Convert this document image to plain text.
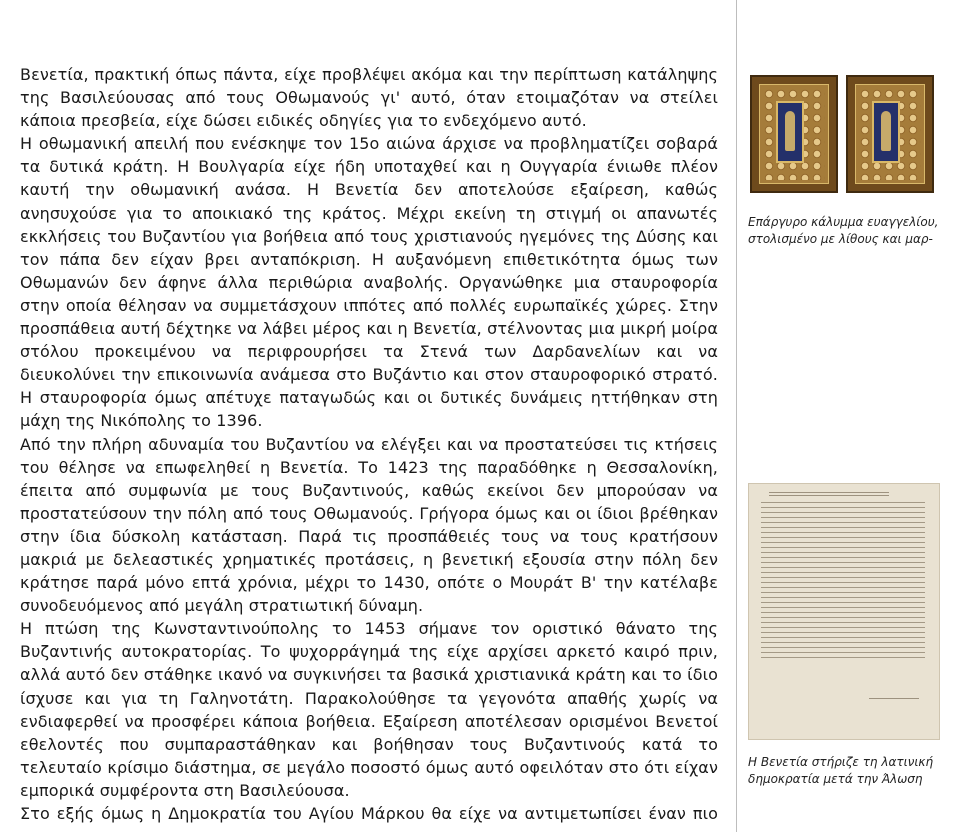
Βενετία, πρακτική όπως πάντα, είχε προβλέψει ακόμα και την περίπτωση κατάληψης της Βασιλεύουσας από τους Οθωμανούς γι' αυτό, όταν ετοιμαζόταν να στείλει κάποια πρεσβεία, είχε δώσει ειδικές οδηγίες για το ενδεχόμενο αυτό.

Η οθωμανική απειλή που ενέσκηψε τον 15ο αιώνα άρχισε να προβληματίζει σοβαρά τα δυτικά κράτη. Η Βουλγαρία είχε ήδη υποταχθεί και η Ουγγαρία ένιωθε πλέον καυτή την οθωμανική ανάσα. Η Βενετία δεν αποτελούσε εξαίρεση, καθώς ανησυχούσε για το αποικιακό της κράτος. Μέχρι εκείνη τη στιγμή οι απανωτές εκκλήσεις του Βυζαντίου για βοήθεια από τους χριστιανούς ηγεμόνες της Δύσης και τον πάπα δεν είχαν βρει ανταπόκριση. Η αυξανόμενη επιθετικότητα όμως των Οθωμανών δεν άφηνε άλλα περιθώρια αναβολής. Οργανώθηκε μια σταυροφορία στην οποία θέλησαν να συμμετάσχουν ιππότες από πολλές ευρωπαϊκές χώρες. Στην προσπάθεια αυτή δέχτηκε να λάβει μέρος και η Βενετία, στέλνοντας μια μικρή μοίρα στόλου προκειμένου να περιφρουρήσει τα Στενά των Δαρδανελίων και να διευκολύνει την επικοινωνία ανάμεσα στο Βυζάντιο και στον σταυροφορικό στρατό. Η σταυροφορία όμως απέτυχε παταγωδώς και οι δυτικές δυνάμεις ηττήθηκαν στη μάχη της Νικόπολης το 1396.

Από την πλήρη αδυναμία του Βυζαντίου να ελέγξει και να προστατεύσει τις κτήσεις του θέλησε να επωφεληθεί η Βενετία. Το 1423 της παραδόθηκε η Θεσσαλονίκη, έπειτα από συμφωνία με τους Βυζαντινούς, καθώς εκείνοι δεν μπορούσαν να προστατεύσουν την πόλη από τους Οθωμανούς. Γρήγορα όμως και οι ίδιοι βρέθηκαν στην ίδια δύσκολη κατάσταση. Παρά τις προσπάθειές τους να τους κρατήσουν μακριά με δελεαστικές χρηματικές προτάσεις, η βενετική εξουσία στην πόλη δεν κράτησε παρά μόνο επτά χρόνια, μέχρι το 1430, οπότε ο Μουράτ Β' την κατέλαβε συνοδευόμενος από μεγάλη στρατιωτική δύναμη.

Η πτώση της Κωνσταντινούπολης το 1453 σήμανε τον οριστικό θάνατο της Βυζαντινής αυτοκρατορίας. Το ψυχορράγημά της είχε αρχίσει αρκετό καιρό πριν, αλλά αυτό δεν στάθηκε ικανό να συγκινήσει τα βασικά χριστιανικά κράτη και το ίδιο ίσχυσε και για τη Γαληνοτάτη. Παρακολούθησε τα γεγονότα απαθής χωρίς να ενδιαφερθεί να προσφέρει κάποια βοήθεια. Εξαίρεση αποτέλεσαν ορισμένοι Βενετοί εθελοντές που συμπαραστάθηκαν και βοήθησαν τους Βυζαντινούς κατά το τελευταίο κρίσιμο διάστημα, σε μεγάλο ποσοστό όμως αυτό οφειλόταν στο ότι είχαν εμπορικά συμφέροντα στη Βασιλεύουσα.

Στο εξής όμως η Δημοκρατία του Αγίου Μάρκου θα είχε να αντιμετωπίσει έναν πιο

Επάργυρο κάλυμμα ευαγγελίου, στολισμένο με λίθους και μαρ-
Η Βενετία στήριζε τη λατινική δημοκρατία μετά την Άλωση
